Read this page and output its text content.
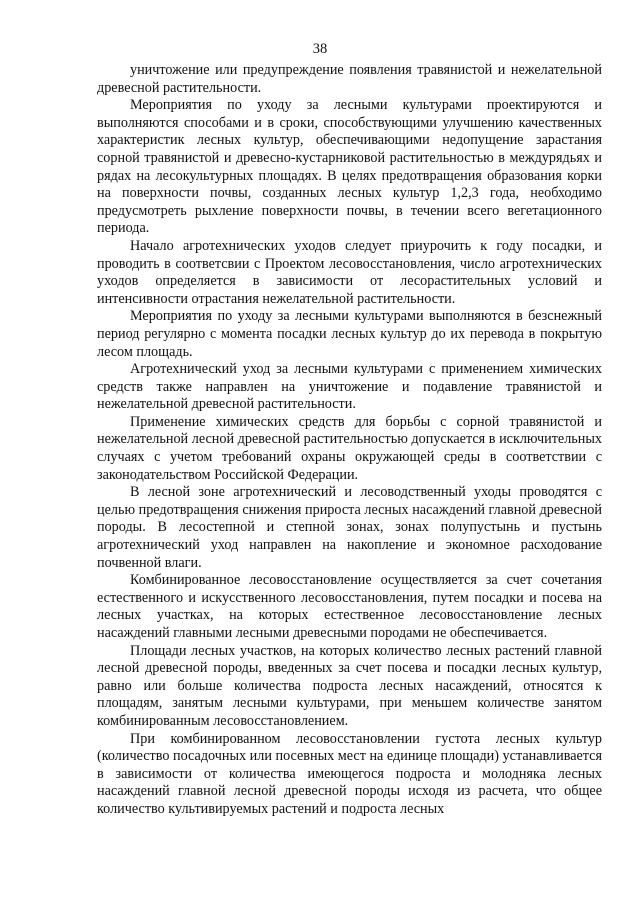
38

уничтожение или предупреждение появления травянистой и нежелательной древесной растительности.

Мероприятия по уходу за лесными культурами проектируются и выполняются способами и в сроки, способствующими улучшению качественных характеристик лесных культур, обеспечивающими недопущение зарастания сорной травянистой и древесно-кустарниковой растительностью в междурядьях и рядах на лесокультурных площадях. В целях предотвращения образования корки на поверхности почвы, созданных лесных культур 1,2,3 года, необходимо предусмотреть рыхление поверхности почвы, в течении всего вегетационного периода.

Начало агротехнических уходов следует приурочить к году посадки, и проводить в соответсвии с Проектом лесовосстановления, число агротехнических уходов определяется в зависимости от лесорастительных условий и интенсивности отрастания нежелательной растительности.

Мероприятия по уходу за лесными культурами выполняются в безснежный период регулярно с момента посадки лесных культур до их перевода в покрытую лесом площадь.

Агротехнический уход за лесными культурами с применением химических средств также направлен на уничтожение и подавление травянистой и нежелательной древесной растительности.

Применение химических средств для борьбы с сорной травянистой и нежелательной лесной древесной растительностью допускается в исключительных случаях с учетом требований охраны окружающей среды в соответствии с законодательством Российской Федерации.

В лесной зоне агротехнический и лесоводственный уходы проводятся с целью предотвращения снижения прироста лесных насаждений главной древесной породы. В лесостепной и степной зонах, зонах полупустынь и пустынь агротехнический уход направлен на накопление и экономное расходование почвенной влаги.

Комбинированное лесовосстановление осуществляется за счет сочетания естественного и искусственного лесовосстановления, путем посадки и посева на лесных участках, на которых естественное лесовосстановление лесных насаждений главными лесными древесными породами не обеспечивается.

Площади лесных участков, на которых количество лесных растений главной лесной древесной породы, введенных за счет посева и посадки лесных культур, равно или больше количества подроста лесных насаждений, относятся к площадям, занятым лесными культурами, при меньшем количестве занятом комбинированным лесовосстановлением.

При комбинированном лесовосстановлении густота лесных культур (количество посадочных или посевных мест на единице площади) устанавливается в зависимости от количества имеющегося подроста и молодняка лесных насаждений главной лесной древесной породы исходя из расчета, что общее количество культивируемых растений и подроста лесных
